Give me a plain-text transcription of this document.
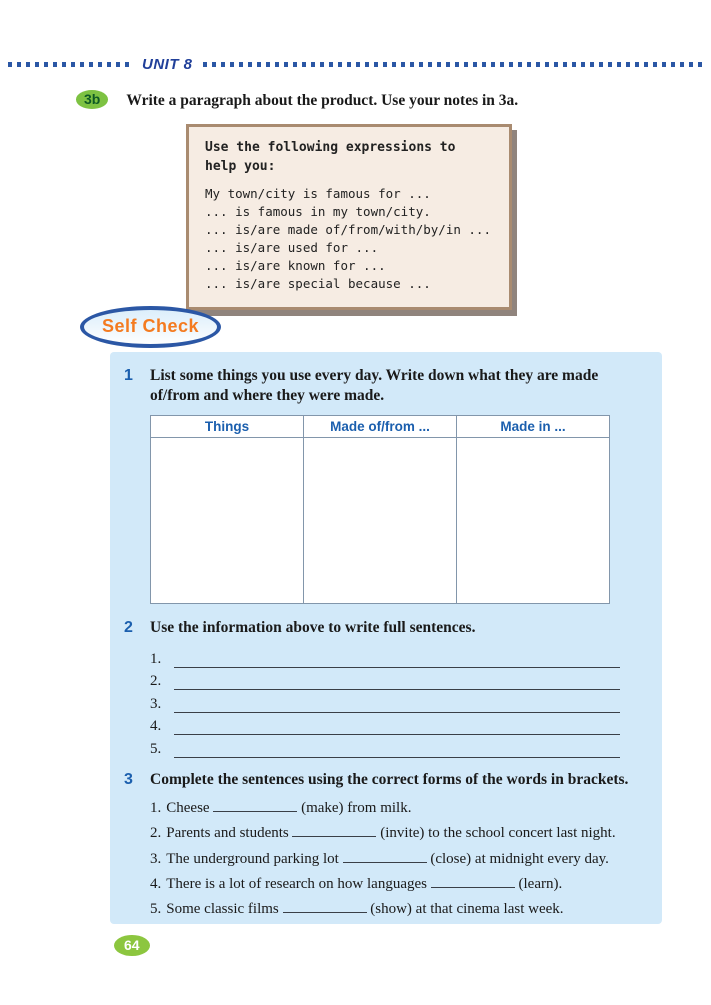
UNIT 8
3b	Write a paragraph about the product. Use your notes in 3a.
Use the following expressions to help you:
My town/city is famous for ...
... is famous in my town/city.
... is/are made of/from/with/by/in ...
... is/are used for ...
... is/are known for ...
... is/are special because ...
Self Check
1	List some things you use every day. Write down what they are made of/from and where they were made.
Things	Made of/from ...	Made in ...

2	Use the information above to write full sentences.
1.
2.
3.
4.
5.
3	Complete the sentences using the correct forms of the words in brackets.
1. Cheese	(make) from milk.
2. Parents and students	(invite) to the school concert last night.
3. The underground parking lot	(close) at midnight every day.
4. There is a lot of research on how languages	(learn).
5. Some classic films	(show) at that cinema last week.
64
